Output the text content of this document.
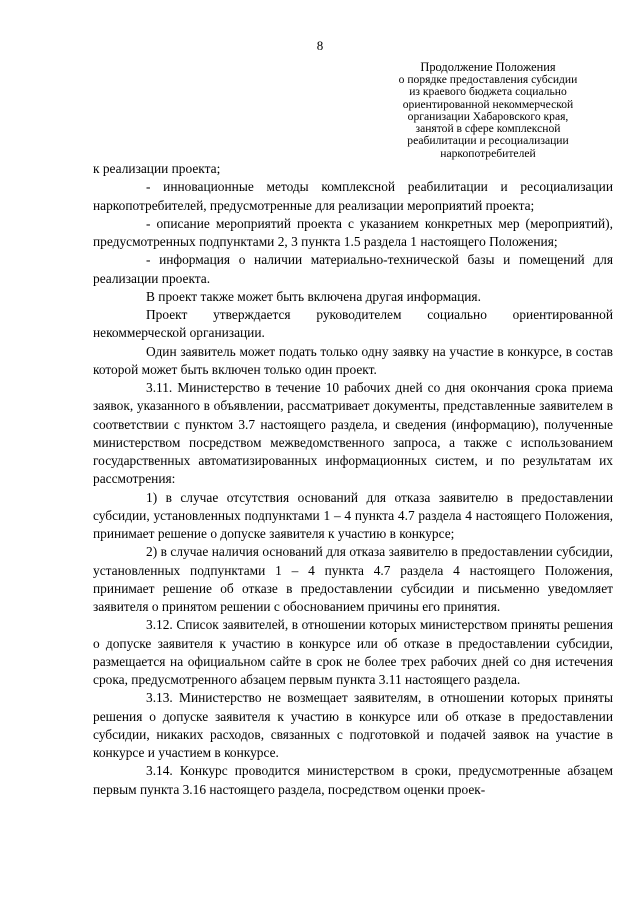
8
Продолжение Положения
о порядке предоставления субсидии
из краевого бюджета социально
ориентированной некоммерческой
организации Хабаровского края,
занятой в сфере комплексной
реабилитации и ресоциализации
наркопотребителей

к реализации проекта;

- инновационные методы комплексной реабилитации и ресоциализации наркопотребителей, предусмотренные для реализации мероприятий проекта;

- описание мероприятий проекта с указанием конкретных мер (мероприятий), предусмотренных подпунктами 2, 3 пункта 1.5 раздела 1 настоящего Положения;

- информация о наличии материально-технической базы и помещений для реализации проекта.

В проект также может быть включена другая информация.

Проект утверждается руководителем социально ориентированной некоммерческой организации.

Один заявитель может подать только одну заявку на участие в конкурсе, в состав которой может быть включен только один проект.

3.11. Министерство в течение 10 рабочих дней со дня окончания срока приема заявок, указанного в объявлении, рассматривает документы, представленные заявителем в соответствии с пунктом 3.7 настоящего раздела, и сведения (информацию), полученные министерством посредством межведомственного запроса, а также с использованием государственных автоматизированных информационных систем, и по результатам их рассмотрения:

1) в случае отсутствия оснований для отказа заявителю в предоставлении субсидии, установленных подпунктами 1 – 4 пункта 4.7 раздела 4 настоящего Положения, принимает решение о допуске заявителя к участию в конкурсе;

2) в случае наличия оснований для отказа заявителю в предоставлении субсидии, установленных подпунктами 1 – 4 пункта 4.7 раздела 4 настоящего Положения, принимает решение об отказе в предоставлении субсидии и письменно уведомляет заявителя о принятом решении с обоснованием причины его принятия.

3.12. Список заявителей, в отношении которых министерством приняты решения о допуске заявителя к участию в конкурсе или об отказе в предоставлении субсидии, размещается на официальном сайте в срок не более трех рабочих дней со дня истечения срока, предусмотренного абзацем первым пункта 3.11 настоящего раздела.

3.13. Министерство не возмещает заявителям, в отношении которых приняты решения о допуске заявителя к участию в конкурсе или об отказе в предоставлении субсидии, никаких расходов, связанных с подготовкой и подачей заявок на участие в конкурсе и участием в конкурсе.

3.14. Конкурс проводится министерством в сроки, предусмотренные абзацем первым пункта 3.16 настоящего раздела, посредством оценки проек-
